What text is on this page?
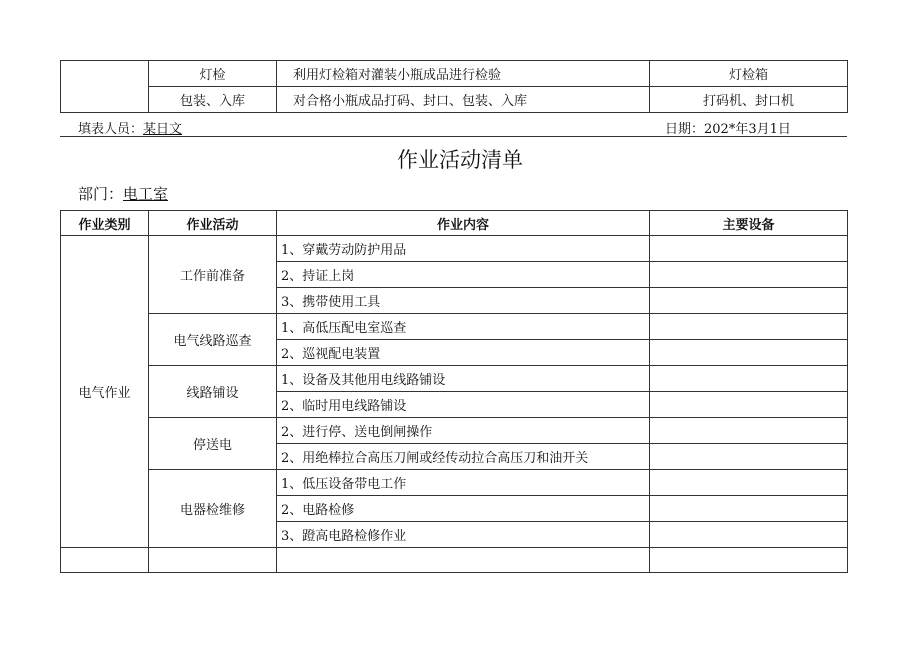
	灯检	利用灯检箱对灌装小瓶成品进行检验	灯检箱
	包装、入库	对合格小瓶成品打码、封口、包装、入库	打码机、封口机
填表人员：某日文	日期：202*年3月1日
作业活动清单
部门：电工室
作业类别	作业活动	作业内容	主要设备
电气作业	工作前准备	1、穿戴劳动防护用品	
		2、持证上岗	
		3、携带使用工具	
	电气线路巡查	1、高低压配电室巡查	
		2、巡视配电装置	
	线路铺设	1、设备及其他用电线路铺设	
		2、临时用电线路铺设	
	停送电	2、进行停、送电倒闸操作	
		2、用绝棒拉合高压刀闸或经传动拉合高压刀和油开关	
	电器检维修	1、低压设备带电工作	
		2、电路检修	
		3、蹬高电路检修作业	
